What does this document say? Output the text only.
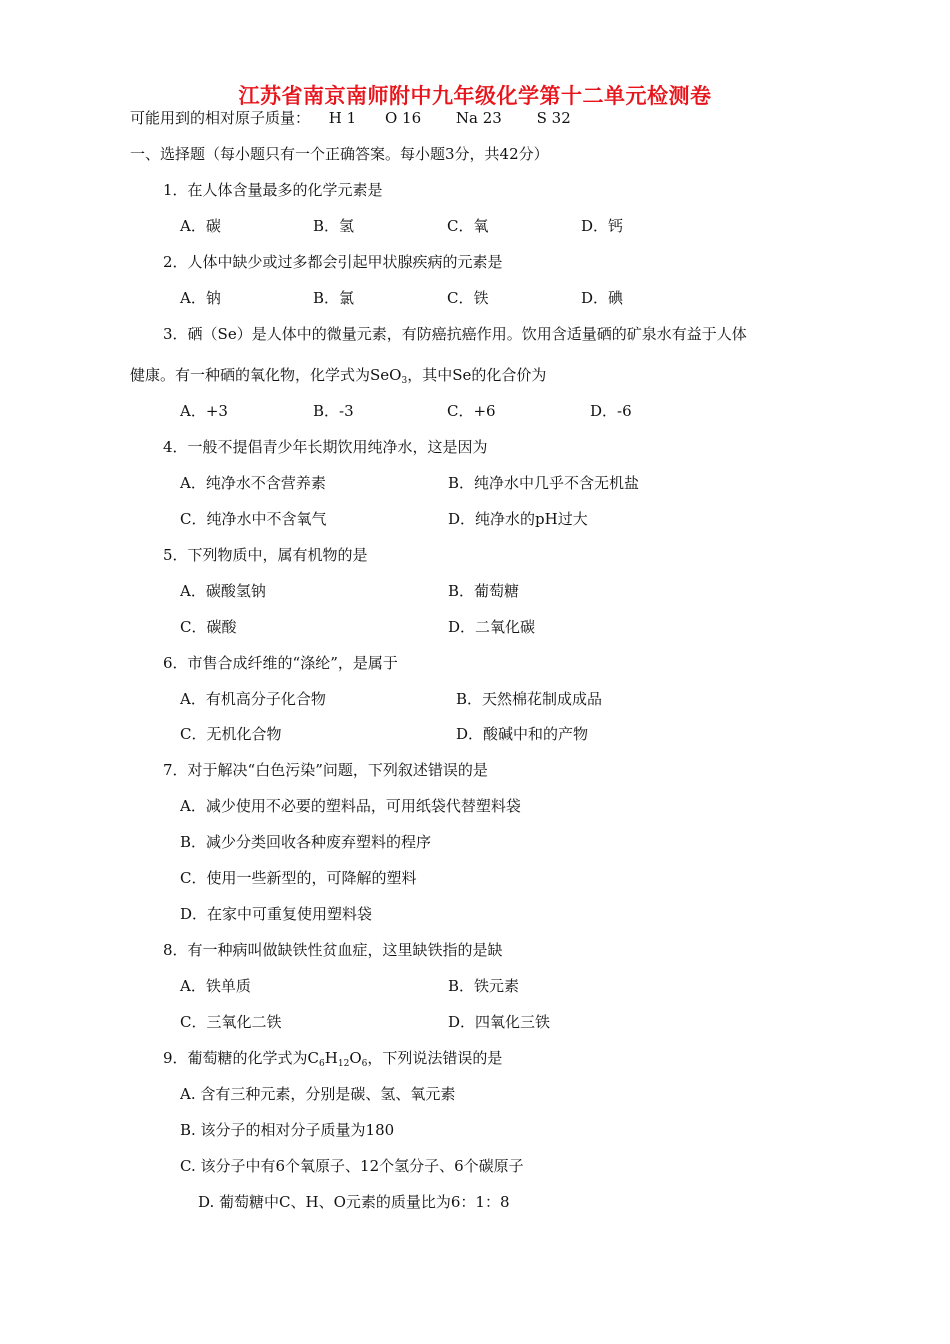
江苏省南京南师附中九年级化学第十二单元检测卷
可能用到的相对原子质量： H 1 O 16 Na 23 S 32
一、选择题（每小题只有一个正确答案。每小题3分，共42分）
1．在人体含量最多的化学元素是
A．碳	B．氢	C．氧	D．钙
2．人体中缺少或过多都会引起甲状腺疾病的元素是
A．钠	B．氯	C．铁	D．碘
3．硒（Se）是人体中的微量元素，有防癌抗癌作用。饮用含适量硒的矿泉水有益于人体
健康。有一种硒的氧化物，化学式为SeO$_3$，其中Se的化合价为
A．+3	B．-3	C．+6	D．-6
4．一般不提倡青少年长期饮用纯净水，这是因为
A．纯净水不含营养素	B．纯净水中几乎不含无机盐
C．纯净水中不含氧气	D．纯净水的pH过大
5．下列物质中，属有机物的是
A．碳酸氢钠	B．葡萄糖
C．碳酸	D．二氧化碳
6．市售合成纤维的“涤纶”，是属于
A．有机高分子化合物	B．天然棉花制成成品
C．无机化合物	D．酸碱中和的产物
7．对于解决“白色污染”问题，下列叙述错误的是
A．减少使用不必要的塑料品，可用纸袋代替塑料袋
B．减少分类回收各种废弃塑料的程序
C．使用一些新型的，可降解的塑料
D．在家中可重复使用塑料袋
8．有一种病叫做缺铁性贫血症，这里缺铁指的是缺
A．铁单质	B．铁元素
C．三氧化二铁	D．四氧化三铁
9．葡萄糖的化学式为$C_6H_{12}O_6$，下列说法错误的是
A. 含有三种元素，分别是碳、氢、氧元素
B. 该分子的相对分子质量为180
C. 该分子中有6个氧原子、12个氢分子、6个碳原子
D. 葡萄糖中C、H、O元素的质量比为6：1：8
